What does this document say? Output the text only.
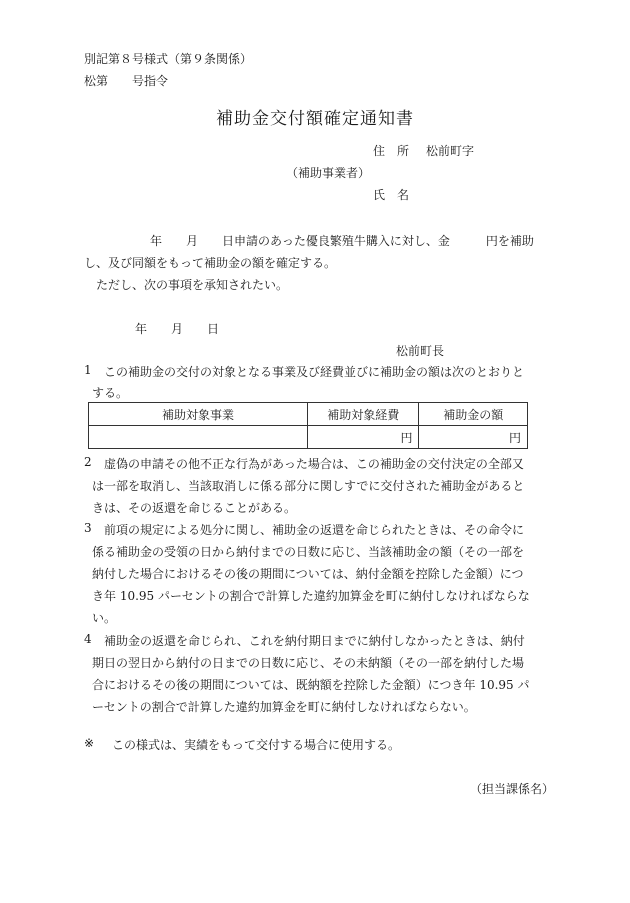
別記第８号様式（第９条関係）
松第　　号指令
補助金交付額確定通知書
住　所 松前町字
（補助事業者）
氏　名
年　　月　　日申請のあった優良繁殖牛購入に対し、金　　　円を補助
し、及び同額をもって補助金の額を確定する。
ただし、次の事項を承知されたい。
年　　月　　日
松前町長
1 この補助金の交付の対象となる事業及び経費並びに補助金の額は次のとおりと
する。
補助対象事業	補助対象経費	補助金の額
	円	円
2 虚偽の申請その他不正な行為があった場合は、この補助金の交付決定の全部又
は一部を取消し、当該取消しに係る部分に関しすでに交付された補助金があると
きは、その返還を命じることがある。
3 前項の規定による処分に関し、補助金の返還を命じられたときは、その命令に
係る補助金の受領の日から納付までの日数に応じ、当該補助金の額（その一部を
納付した場合におけるその後の期間については、納付金額を控除した金額）につ
き年 10.95 パーセントの割合で計算した違約加算金を町に納付しなければならな
い。
4 補助金の返還を命じられ、これを納付期日までに納付しなかったときは、納付
期日の翌日から納付の日までの日数に応じ、その未納額（その一部を納付した場
合におけるその後の期間については、既納額を控除した金額）につき年 10.95 パ
ーセントの割合で計算した違約加算金を町に納付しなければならない。
※ この様式は、実績をもって交付する場合に使用する。
（担当課係名）
